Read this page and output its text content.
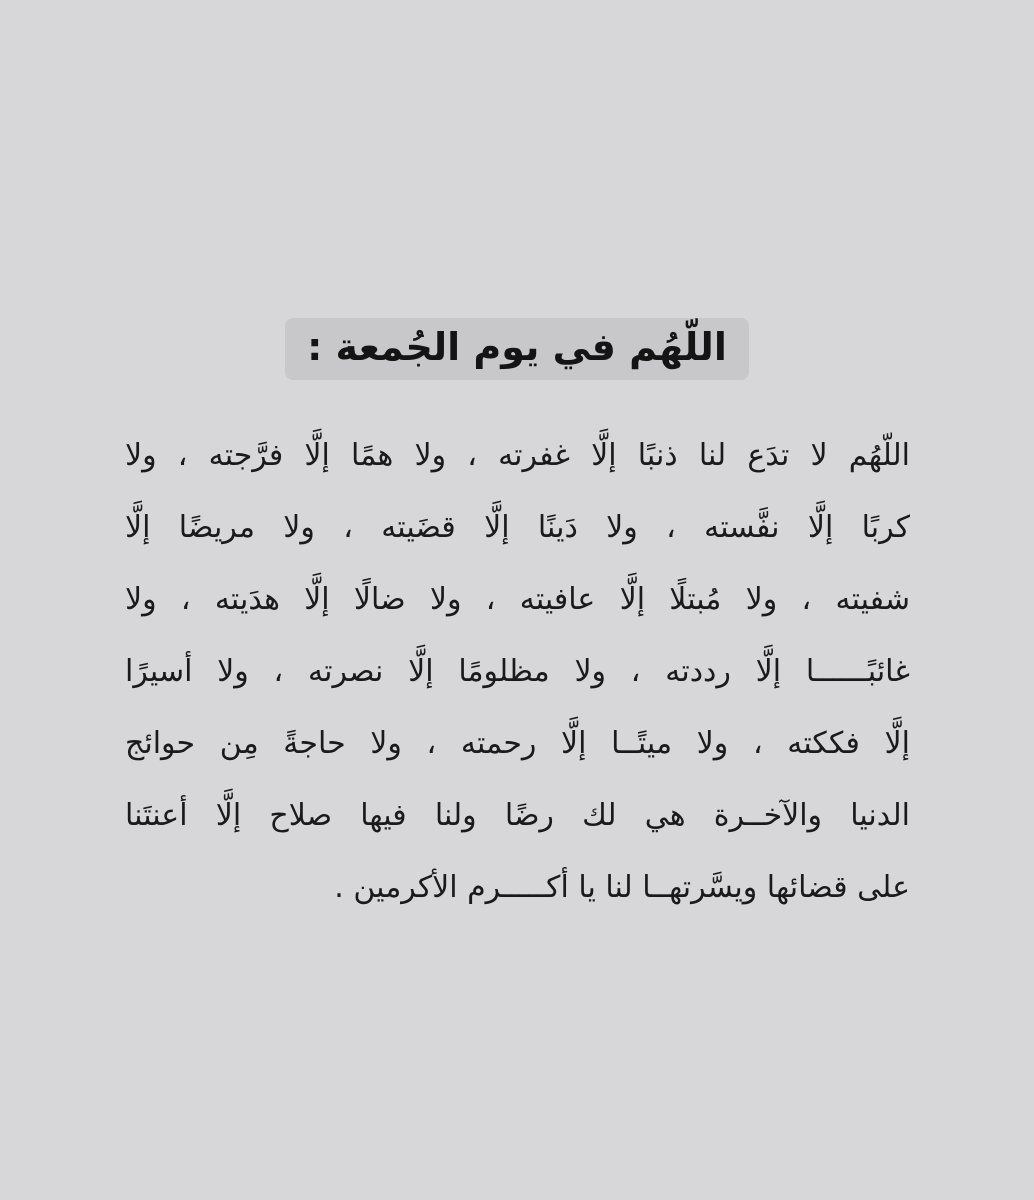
اللّهُم في يوم الجُمعة :
اللّهُم لا تدَع لنا ذنبًا إلَّا غفرته ، ولا همًا إلَّا فرَّجته ، ولا
كربًا إلَّا نفَّسته ، ولا دَينًا إلَّا قضَيته ، ولا مريضًا إلَّا
شفيته ، ولا مُبتلًا إلَّا عافيته ، ولا ضالًا إلَّا هدَيته ، ولا
غائبًــــــا إلَّا رددته ، ولا مظلومًا إلَّا نصرته ، ولا أسيرًا
إلَّا فككته ، ولا ميتًــا إلَّا رحمته ، ولا حاجةً مِن حوائج
الدنيا والآخــرة هي لك رضًا ولنا فيها صلاح إلَّا أعنتَنا
على قضائها ويسَّرتهــا لنا يا أكـــــرم الأكرمين .
